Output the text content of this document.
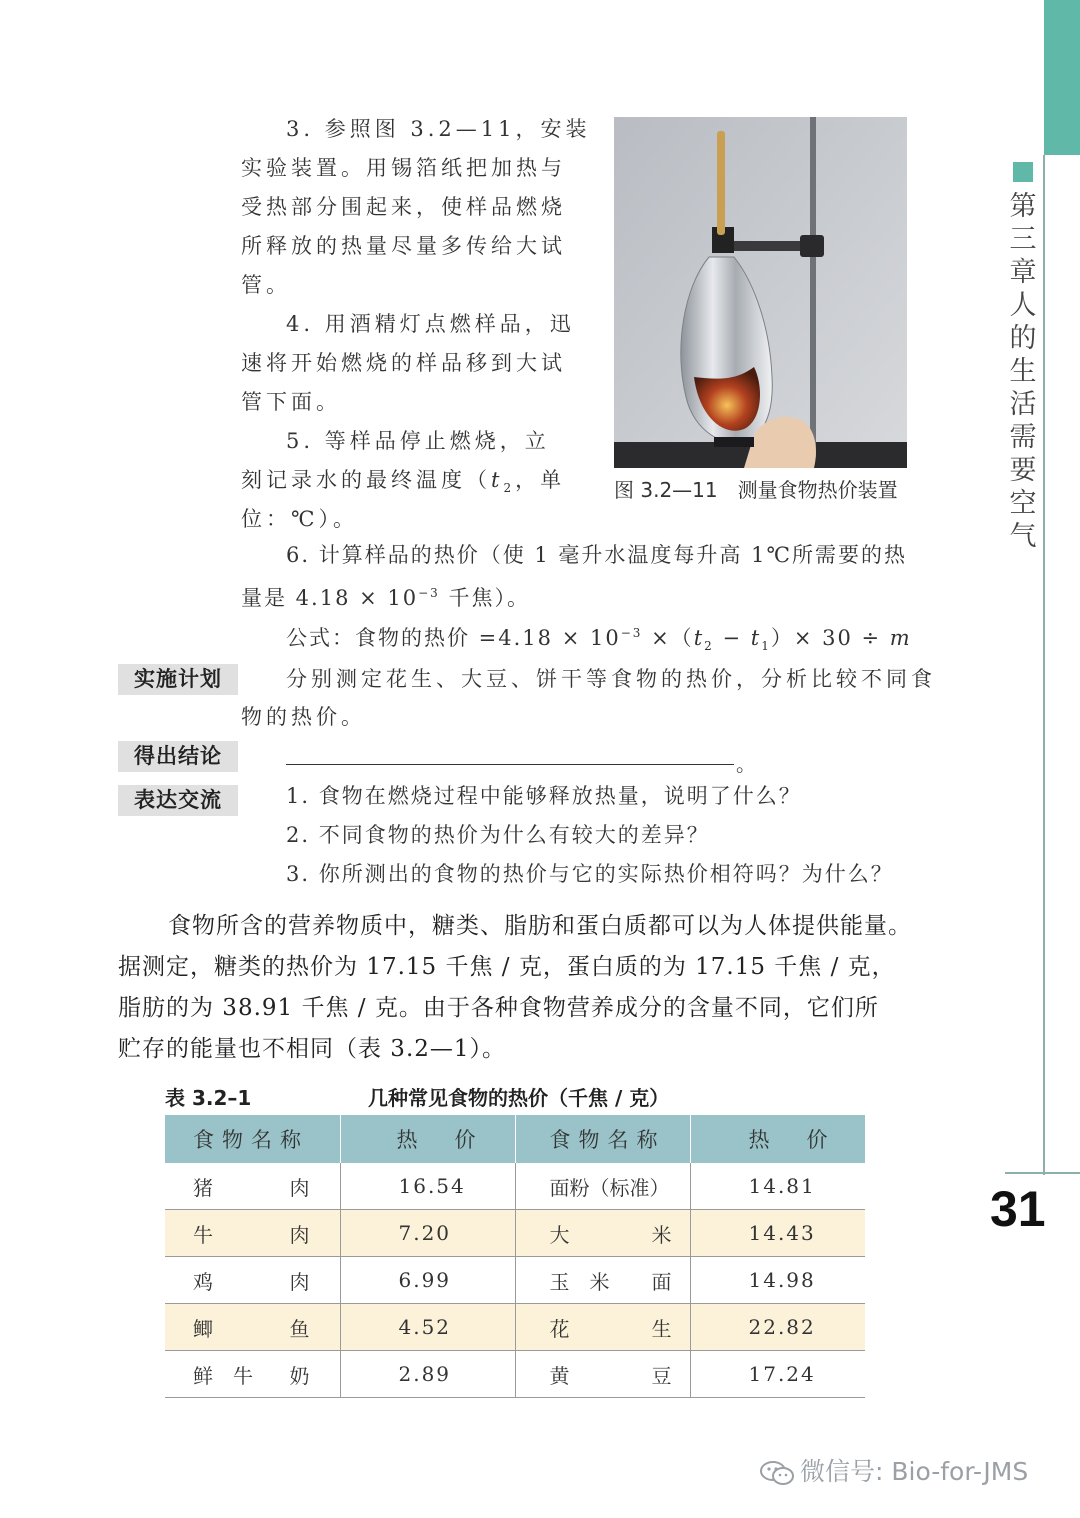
第三章人的生活需要空气
31
3. 参照图 3.2—11，安装
实验装置。用锡箔纸把加热与
受热部分围起来，使样品燃烧
所释放的热量尽量多传给大试
管。
4. 用酒精灯点燃样品，迅
速将开始燃烧的样品移到大试
管下面。
5. 等样品停止燃烧，立
刻记录水的最终温度（$t_2$，单
位：℃）。
6. 计算样品的热价（使 1 毫升水温度每升高 1℃所需要的热
量是 $4.18 \times 10^{-3}$ 千焦）。
公式：食物的热价 $=4.18 \times 10^{-3} \times(t_2 - t_1)\times 30 \div m$
图 3.2—11　测量食物热价装置
实施计划	分别测定花生、大豆、饼干等食物的热价，分析比较不同食
物的热价。
得出结论	。
表达交流	1. 食物在燃烧过程中能够释放热量，说明了什么？
2. 不同食物的热价为什么有较大的差异？
3. 你所测出的食物的热价与它的实际热价相符吗？为什么？
食物所含的营养物质中，糖类、脂肪和蛋白质都可以为人体提供能量。
据测定，糖类的热价为 17.15 千焦 / 克，蛋白质的为 17.15 千焦 / 克，
脂肪的为 38.91 千焦 / 克。由于各种食物营养成分的含量不同，它们所
贮存的能量也不相同（表 3.2—1）。
表 3.2–1	几种常见食物的热价（千焦 / 克）
食物名称	热　价	食物名称	热　价

猪 肉	16.54	面粉（标准）	14.81

牛 肉	7.20	大 米	14.43

鸡 肉	6.99	玉　米 面	14.98

鲫 鱼	4.52	花 生	22.82

鲜　牛 奶	2.89	黄 豆	17.24
微信号: Bio-for-JMS
